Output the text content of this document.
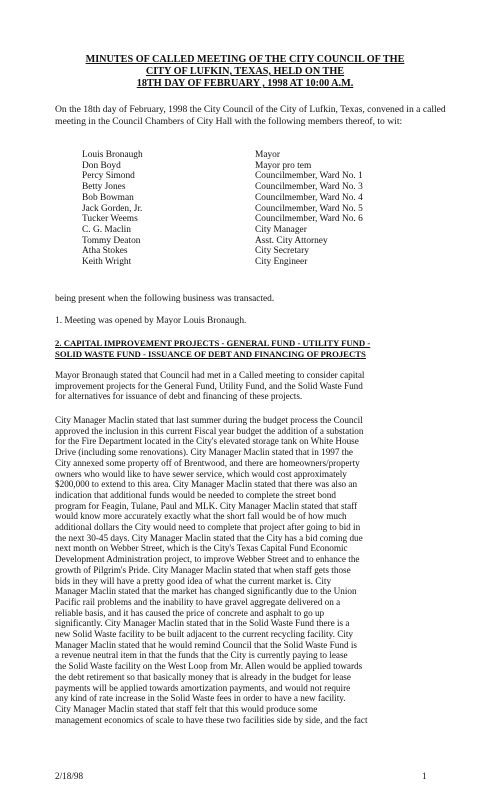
MINUTES OF CALLED MEETING OF THE CITY COUNCIL OF THE
CITY OF LUFKIN, TEXAS, HELD ON THE
18TH DAY OF FEBRUARY , 1998 AT 10:00 A.M.
On the 18th day of February, 1998 the City Council of the City of Lufkin, Texas, convened in a called meeting in the Council Chambers of City Hall with the following members thereof, to wit:
Louis Bronaugh	Mayor
Don Boyd	Mayor pro tem
Percy Simond	Councilmember, Ward No. 1
Betty Jones	Councilmember, Ward No. 3
Bob Bowman	Councilmember, Ward No. 4
Jack Gorden, Jr.	Councilmember, Ward No. 5
Tucker Weems	Councilmember, Ward No. 6
C. G. Maclin	City Manager
Tommy Deaton	Asst. City Attorney
Atha Stokes	City Secretary
Keith Wright	City Engineer
being present when the following business was transacted.
1. Meeting was opened by Mayor Louis Bronaugh.
2. CAPITAL IMPROVEMENT PROJECTS - GENERAL FUND - UTILITY FUND -
SOLID WASTE FUND - ISSUANCE OF DEBT AND FINANCING OF PROJECTS
Mayor Bronaugh stated that Council had met in a Called meeting to consider capital
improvement projects for the General Fund, Utility Fund, and the Solid Waste Fund
for alternatives for issuance of debt and financing of these projects.
City Manager Maclin stated that last summer during the budget process the Council
approved the inclusion in this current Fiscal year budget the addition of a substation
for the Fire Department located in the City's elevated storage tank on White House
Drive (including some renovations). City Manager Maclin stated that in 1997 the
City annexed some property off of Brentwood, and there are homeowners/property
owners who would like to have sewer service, which would cost approximately
$200,000 to extend to this area. City Manager Maclin stated that there was also an
indication that additional funds would be needed to complete the street bond
program for Feagin, Tulane, Paul and MLK. City Manager Maclin stated that staff
would know more accurately exactly what the short fall would be of how much
additional dollars the City would need to complete that project after going to bid in
the next 30-45 days. City Manager Maclin stated that the City has a bid coming due
next month on Webber Street, which is the City's Texas Capital Fund Economic
Development Administration project, to improve Webber Street and to enhance the
growth of Pilgrim's Pride. City Manager Maclin stated that when staff gets those
bids in they will have a pretty good idea of what the current market is. City
Manager Maclin stated that the market has changed significantly due to the Union
Pacific rail problems and the inability to have gravel aggregate delivered on a
reliable basis, and it has caused the price of concrete and asphalt to go up
significantly. City Manager Maclin stated that in the Solid Waste Fund there is a
new Solid Waste facility to be built adjacent to the current recycling facility. City
Manager Maclin stated that he would remind Council that the Solid Waste Fund is
a revenue neutral item in that the funds that the City is currently paying to lease
the Solid Waste facility on the West Loop from Mr. Allen would be applied towards
the debt retirement so that basically money that is already in the budget for lease
payments will be applied towards amortization payments, and would not require
any kind of rate increase in the Solid Waste fees in order to have a new facility.
City Manager Maclin stated that staff felt that this would produce some
management economics of scale to have these two facilities side by side, and the fact
2/18/98	1
